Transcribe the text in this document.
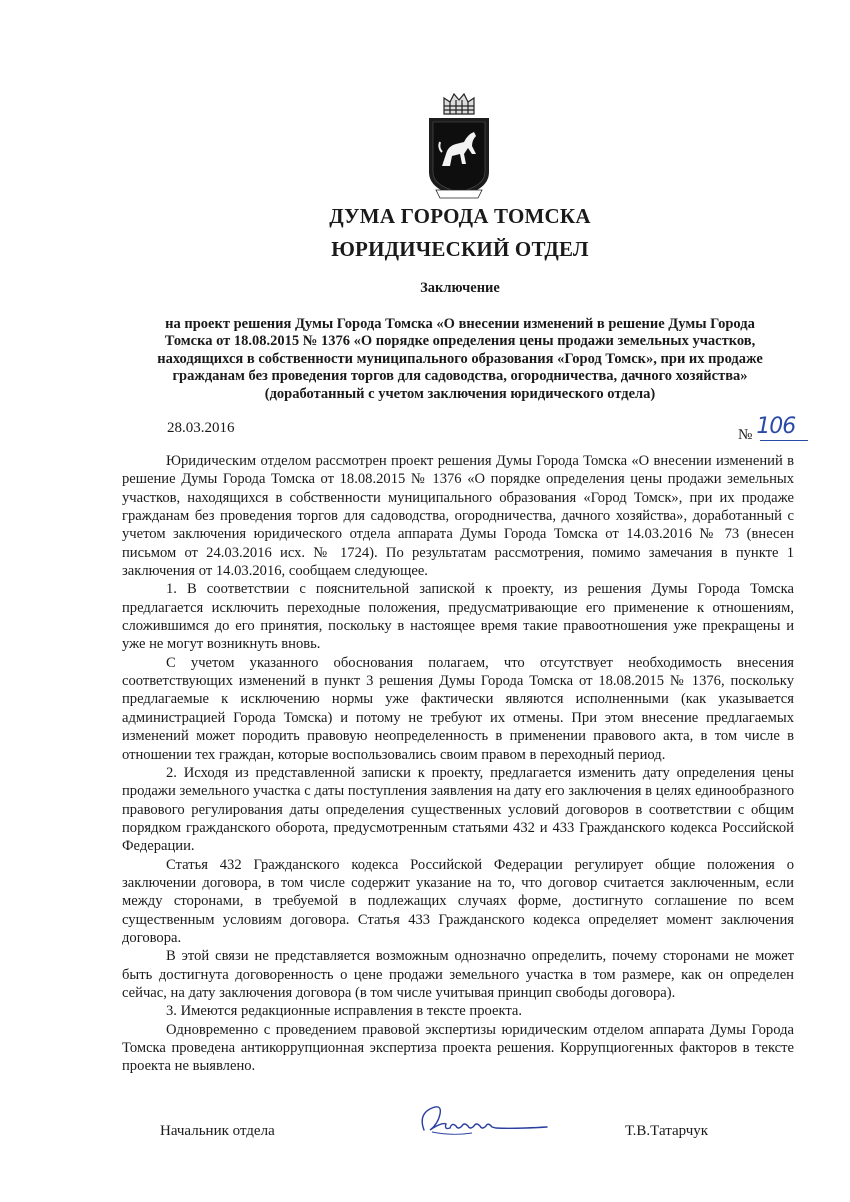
ДУМА ГОРОДА ТОМСКА
ЮРИДИЧЕСКИЙ ОТДЕЛ
Заключение
на проект решения Думы Города Томска «О внесении изменений в решение Думы Города
Томска от 18.08.2015 № 1376 «О порядке определения цены продажи земельных участков,
находящихся в собственности муниципального образования «Город Томск», при их продаже
гражданам без проведения торгов для садоводства, огородничества, дачного хозяйства»
(доработанный с учетом заключения юридического отдела)
28.03.2016	№ 106

Юридическим отделом рассмотрен проект решения Думы Города Томска «О внесении изменений в решение Думы Города Томска от 18.08.2015 № 1376 «О порядке определения цены продажи земельных участков, находящихся в собственности муниципального образования «Город Томск», при их продаже гражданам без проведения торгов для садоводства, огородничества, дачного хозяйства», доработанный с учетом заключения юридического отдела аппарата Думы Города Томска от 14.03.2016 № 73 (внесен письмом от 24.03.2016 исх. № 1724). По результатам рассмотрения, помимо замечания в пункте 1 заключения от 14.03.2016, сообщаем следующее.

1. В соответствии с пояснительной запиской к проекту, из решения Думы Города Томска предлагается исключить переходные положения, предусматривающие его применение к отношениям, сложившимся до его принятия, поскольку в настоящее время такие правоотношения уже прекращены и уже не могут возникнуть вновь.

С учетом указанного обоснования полагаем, что отсутствует необходимость внесения соответствующих изменений в пункт 3 решения Думы Города Томска от 18.08.2015 № 1376, поскольку предлагаемые к исключению нормы уже фактически являются исполненными (как указывается администрацией Города Томска) и потому не требуют их отмены. При этом внесение предлагаемых изменений может породить правовую неопределенность в применении правового акта, в том числе в отношении тех граждан, которые воспользовались своим правом в переходный период.

2. Исходя из представленной записки к проекту, предлагается изменить дату определения цены продажи земельного участка с даты поступления заявления на дату его заключения в целях единообразного правового регулирования даты определения существенных условий договоров в соответствии с общим порядком гражданского оборота, предусмотренным статьями 432 и 433 Гражданского кодекса Российской Федерации.

Статья 432 Гражданского кодекса Российской Федерации регулирует общие положения о заключении договора, в том числе содержит указание на то, что договор считается заключенным, если между сторонами, в требуемой в подлежащих случаях форме, достигнуто соглашение по всем существенным условиям договора. Статья 433 Гражданского кодекса определяет момент заключения договора.

В этой связи не представляется возможным однозначно определить, почему сторонами не может быть достигнута договоренность о цене продажи земельного участка в том размере, как он определен сейчас, на дату заключения договора (в том числе учитывая принцип свободы договора).

3. Имеются редакционные исправления в тексте проекта.

Одновременно с проведением правовой экспертизы юридическим отделом аппарата Думы Города Томска проведена антикоррупционная экспертиза проекта решения. Коррупциогенных факторов в тексте проекта не выявлено.

Начальник отдела	Т.В.Татарчук
